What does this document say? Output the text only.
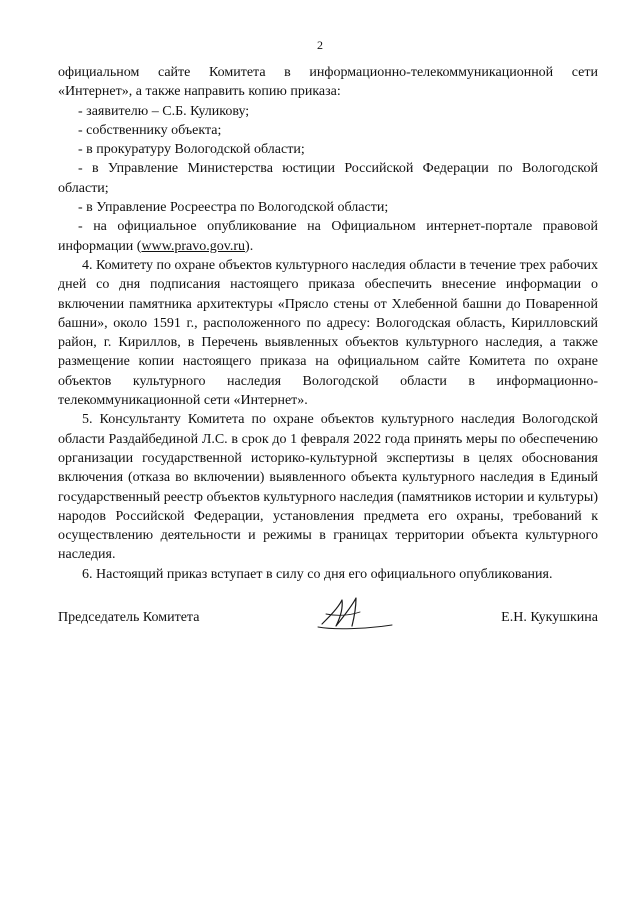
2

официальном сайте Комитета в информационно-телекоммуникационной сети «Интернет», а также направить копию приказа:

- заявителю – С.Б. Куликову;

- собственнику объекта;

- в прокуратуру Вологодской области;

- в Управление Министерства юстиции Российской Федерации по Вологодской области;

- в Управление Росреестра по Вологодской области;

- на официальное опубликование на Официальном интернет-портале правовой информации (www.pravo.gov.ru).

4. Комитету по охране объектов культурного наследия области в течение трех рабочих дней со дня подписания настоящего приказа обеспечить внесение информации о включении памятника архитектуры «Прясло стены от Хлебенной башни до Поваренной башни», около 1591 г., расположенного по адресу: Вологодская область, Кирилловский район, г. Кириллов, в Перечень выявленных объектов культурного наследия, а также размещение копии настоящего приказа на официальном сайте Комитета по охране объектов культурного наследия Вологодской области в информационно-телекоммуникационной сети «Интернет».

5. Консультанту Комитета по охране объектов культурного наследия Вологодской области Раздайбединой Л.С. в срок до 1 февраля 2022 года принять меры по обеспечению организации государственной историко-культурной экспертизы в целях обоснования включения (отказа во включении) выявленного объекта культурного наследия в Единый государственный реестр объектов культурного наследия (памятников истории и культуры) народов Российской Федерации, установления предмета его охраны, требований к осуществлению деятельности и режимы в границах территории объекта культурного наследия.

6. Настоящий приказ вступает в силу со дня его официального опубликования.

Председатель Комитета	Е.Н. Кукушкина
